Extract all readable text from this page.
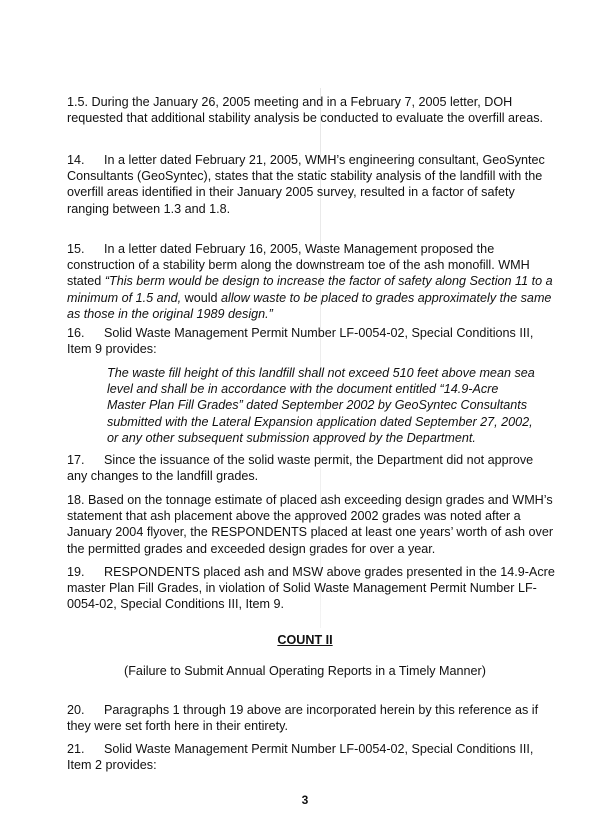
1.5. During the January 26, 2005 meeting and in a February 7, 2005 letter, DOH requested that additional stability analysis be conducted to evaluate the overfill areas.

14. In a letter dated February 21, 2005, WMH’s engineering consultant, GeoSyntec Consultants (GeoSyntec), states that the static stability analysis of the landfill with the overfill areas identified in their January 2005 survey, resulted in a factor of safety ranging between 1.3 and 1.8.

15. In a letter dated February 16, 2005, Waste Management proposed the construction of a stability berm along the downstream toe of the ash monofill. WMH stated “This berm would be design to increase the factor of safety along Section 11 to a minimum of 1.5 and, would allow waste to be placed to grades approximately the same as those in the original 1989 design.”

16. Solid Waste Management Permit Number LF-0054-02, Special Conditions III, Item 9 provides:

The waste fill height of this landfill shall not exceed 510 feet above mean sea level and shall be in accordance with the document entitled “14.9-Acre Master Plan Fill Grades” dated September 2002 by GeoSyntec Consultants submitted with the Lateral Expansion application dated September 27, 2002, or any other subsequent submission approved by the Department.

17. Since the issuance of the solid waste permit, the Department did not approve any changes to the landfill grades.

18. Based on the tonnage estimate of placed ash exceeding design grades and WMH’s statement that ash placement above the approved 2002 grades was noted after a January 2004 flyover, the RESPONDENTS placed at least one years’ worth of ash over the permitted grades and exceeded design grades for over a year.

19. RESPONDENTS placed ash and MSW above grades presented in the 14.9-Acre master Plan Fill Grades, in violation of Solid Waste Management Permit Number LF-0054-02, Special Conditions III, Item 9.

COUNT II

(Failure to Submit Annual Operating Reports in a Timely Manner)

20. Paragraphs 1 through 19 above are incorporated herein by this reference as if they were set forth here in their entirety.

21. Solid Waste Management Permit Number LF-0054-02, Special Conditions III, Item 2 provides:

3
